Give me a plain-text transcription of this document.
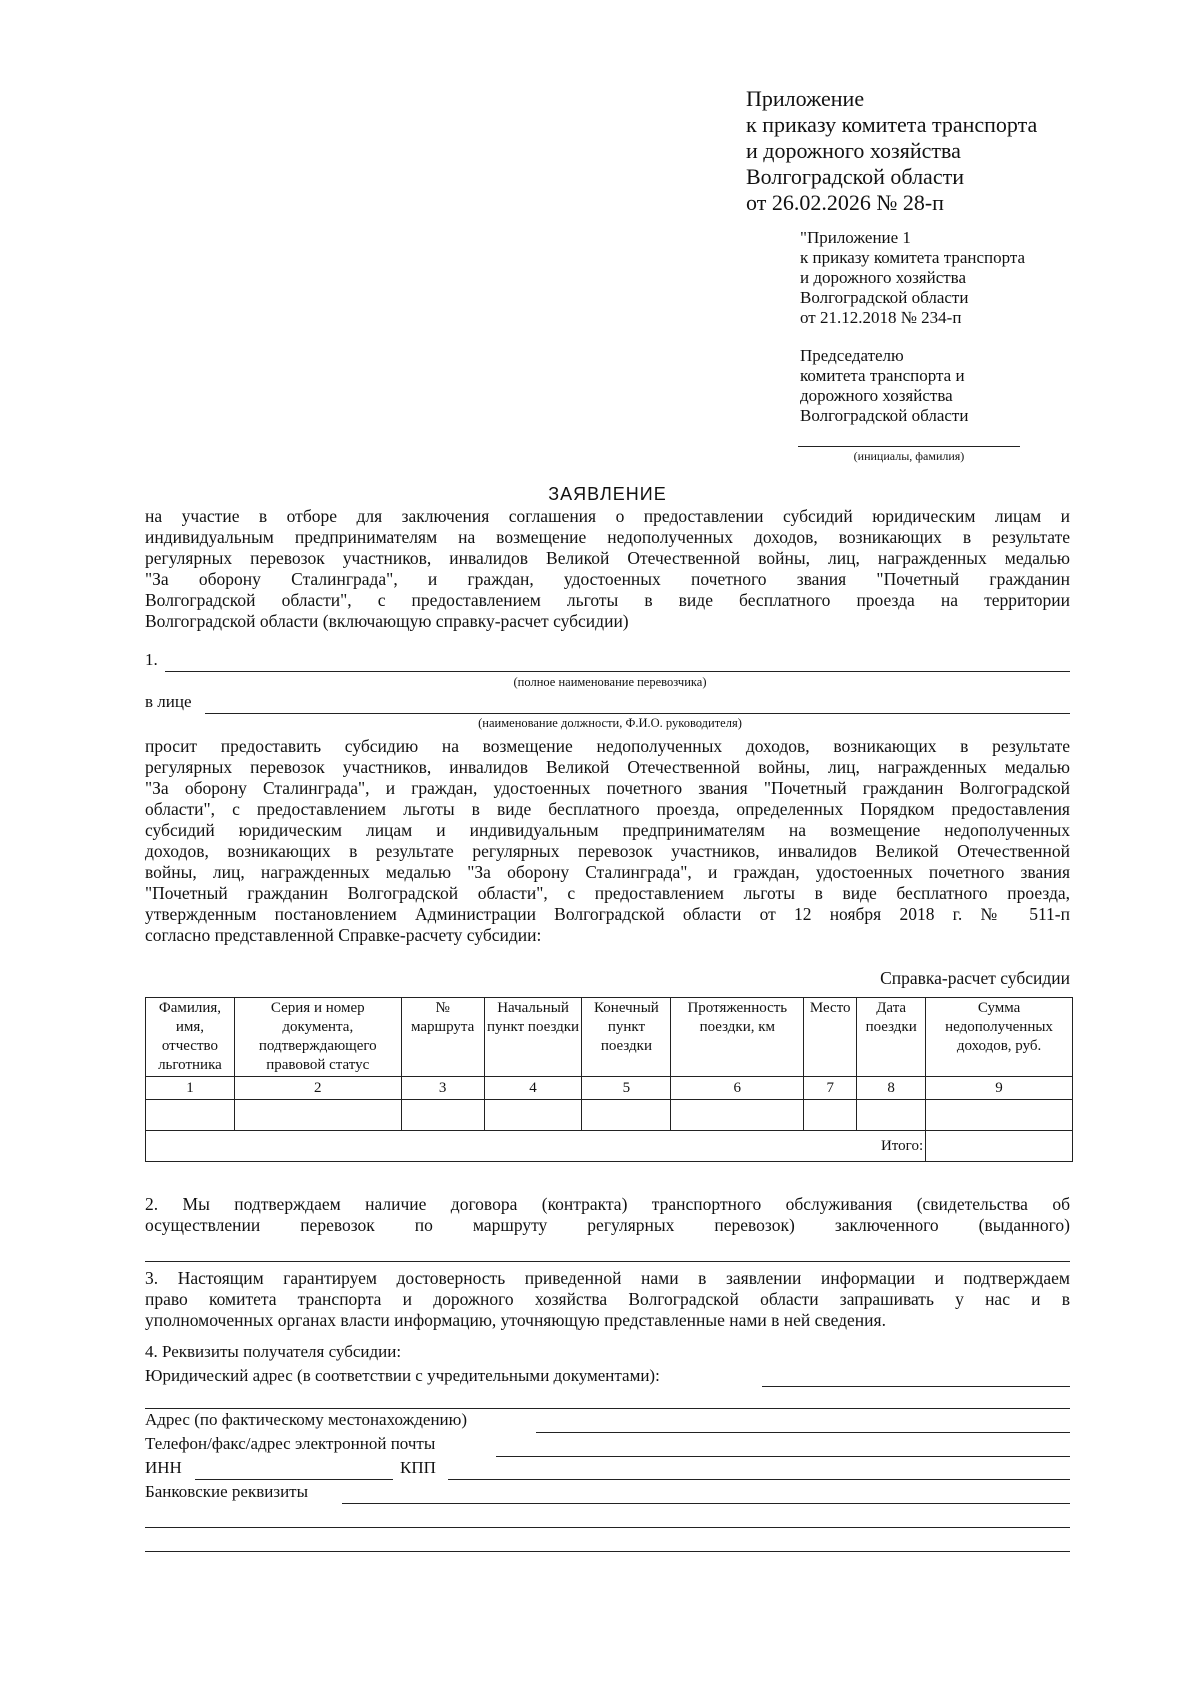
Приложение
к приказу комитета транспорта
и дорожного хозяйства
Волгоградской области
от 26.02.2026 № 28-п
"Приложение 1
к приказу комитета транспорта
и дорожного хозяйства
Волгоградской области
от 21.12.2018 № 234-п
Председателю
комитета транспорта и
дорожного хозяйства
Волгоградской области
(инициалы, фамилия)
ЗАЯВЛЕНИЕ
на участие в отборе для заключения соглашения о предоставлении субсидий юридическим лицам и
индивидуальным предпринимателям на возмещение недополученных доходов, возникающих в результате
регулярных перевозок участников, инвалидов Великой Отечественной войны, лиц, награжденных медалью
"За оборону Сталинграда", и граждан, удостоенных почетного звания "Почетный гражданин
Волгоградской области", с предоставлением льготы в виде бесплатного проезда на территории
Волгоградской области (включающую справку-расчет субсидии)
1.
(полное наименование перевозчика)
в лице
(наименование должности, Ф.И.О. руководителя)
просит предоставить субсидию на возмещение недополученных доходов, возникающих в результате
регулярных перевозок участников, инвалидов Великой Отечественной войны, лиц, награжденных медалью
"За оборону Сталинграда", и граждан, удостоенных почетного звания "Почетный гражданин Волгоградской
области", с предоставлением льготы в виде бесплатного проезда, определенных Порядком предоставления
субсидий юридическим лицам и индивидуальным предпринимателям на возмещение недополученных
доходов, возникающих в результате регулярных перевозок участников, инвалидов Великой Отечественной
войны, лиц, награжденных медалью "За оборону Сталинграда", и граждан, удостоенных почетного звания
"Почетный гражданин Волгоградской области", с предоставлением льготы в виде бесплатного проезда,
утвержденным постановлением Администрации Волгоградской области от 12 ноября 2018 г. № 511-п
согласно представленной Справке-расчету субсидии:
Справка-расчет субсидии
Фамилия, имя, отчество льготника	Серия и номер документа, подтверждающего правовой статус	№ маршрута	Начальный пункт поездки	Конечный пункт поездки	Протяженность поездки, км	Место	Дата поездки	Сумма недополученных доходов, руб.
1	2	3	4	5	6	7	8	9

Итого:								
2. Мы подтверждаем наличие договора (контракта) транспортного обслуживания (свидетельства об
осуществлении перевозок по маршруту регулярных перевозок) заключенного (выданного)
3. Настоящим гарантируем достоверность приведенной нами в заявлении информации и подтверждаем
право комитета транспорта и дорожного хозяйства Волгоградской области запрашивать у нас и в
уполномоченных органах власти информацию, уточняющую представленные нами в ней сведения.
4. Реквизиты получателя субсидии:
Юридический адрес (в соответствии с учредительными документами):
Адрес (по фактическому местонахождению)
Телефон/факс/адрес электронной почты
ИНН	КПП
Банковские реквизиты
